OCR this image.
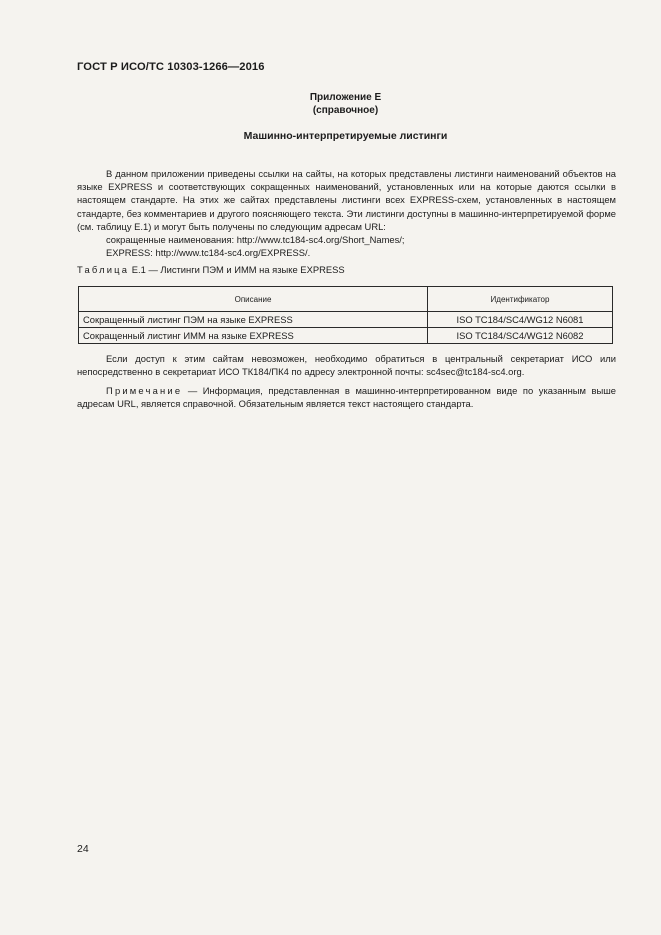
ГОСТ Р ИСО/ТС 10303-1266—2016
Приложение Е
(справочное)
Машинно-интерпретируемые листинги
В данном приложении приведены ссылки на сайты, на которых представлены листинги наименований объектов на языке EXPRESS и соответствующих сокращенных наименований, установленных или на которые даются ссылки в настоящем стандарте. На этих же сайтах представлены листинги всех EXPRESS-схем, установленных в настоящем стандарте, без комментариев и другого поясняющего текста. Эти листинги доступны в машинно-интерпретируемой форме (см. таблицу Е.1) и могут быть получены по следующим адресам URL:
сокращенные наименования: http://www.tc184-sc4.org/Short_Names/;
EXPRESS: http://www.tc184-sc4.org/EXPRESS/.
Таблица Е.1 — Листинги ПЭМ и ИММ на языке EXPRESS
Описание	Идентификатор
Сокращенный листинг ПЭМ на языке EXPRESS	ISO TC184/SC4/WG12 N6081
Сокращенный листинг ИММ на языке EXPRESS	ISO TC184/SC4/WG12 N6082
Если доступ к этим сайтам невозможен, необходимо обратиться в центральный секретариат ИСО или непосредственно в секретариат ИСО ТК184/ПК4 по адресу электронной почты: sc4sec@tc184-sc4.org.
Примечание — Информация, представленная в машинно-интерпретированном виде по указанным выше адресам URL, является справочной. Обязательным является текст настоящего стандарта.
24
